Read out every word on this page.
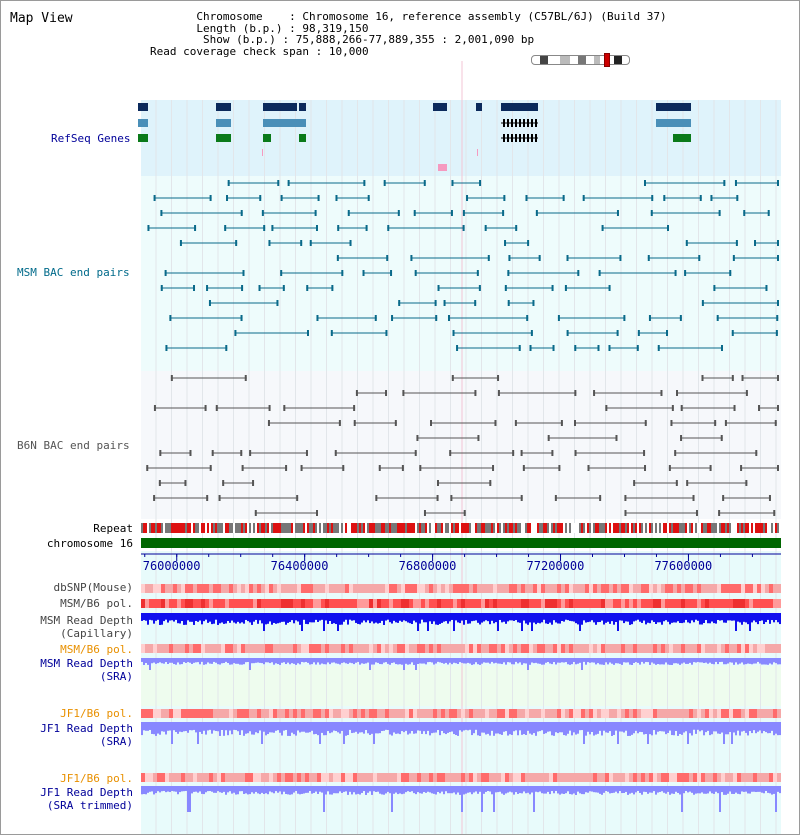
Map View	Chromosome    : Chromosome 16, reference assembly (C57BL/6J) (Build 37)
Length (b.p.) : 98,319,150
Show (b.p.) : 75,888,266-77,889,355 : 2,001,090 bp
Read coverage check span : 10,000
RefSeq Genes
MSM BAC end pairs
B6N BAC end pairs
Repeat
chromosome 16
dbSNP(Mouse)
MSM/B6 pol.
MSM Read Depth
(Capillary)
MSM/B6 pol.
MSM Read Depth
(SRA)
JF1/B6 pol.
JF1 Read Depth
(SRA)
JF1/B6 pol.
JF1 Read Depth
(SRA trimmed)
76000000	76400000	76800000	77200000	77600000
